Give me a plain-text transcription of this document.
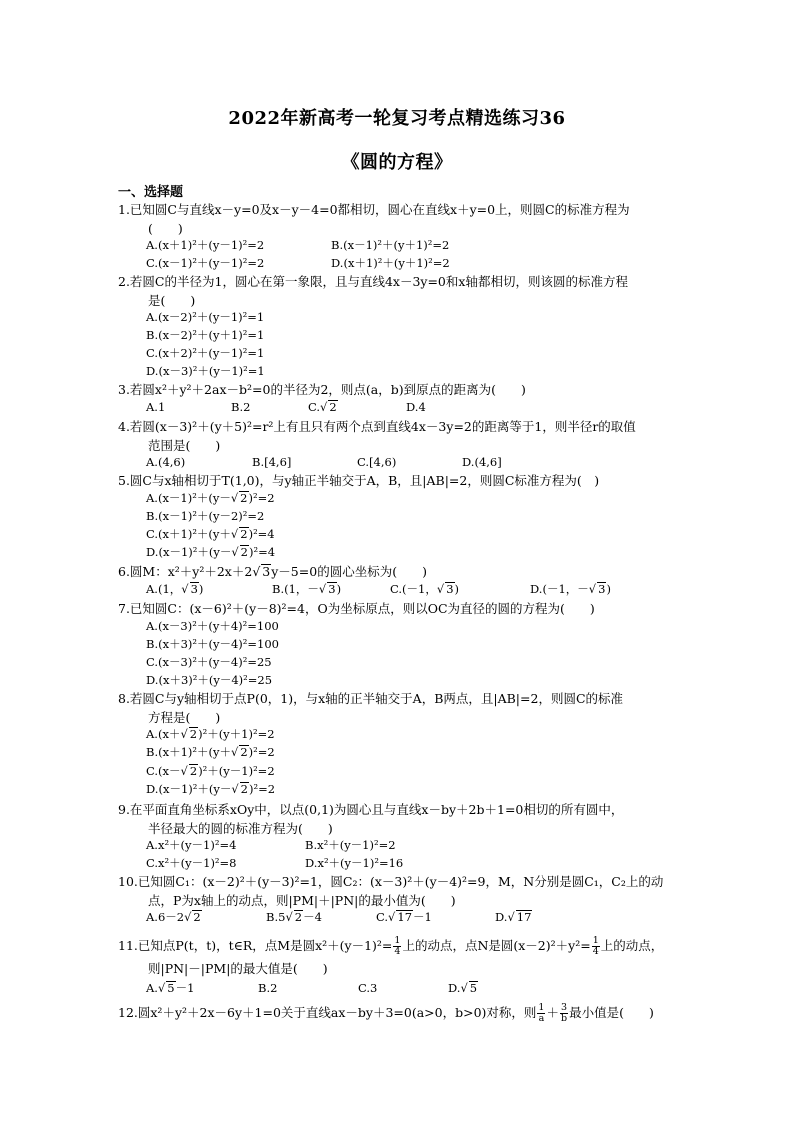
2022年新高考一轮复习考点精选练习36
《圆的方程》
一、选择题
1.已知圆C与直线x－y=0及x－y－4=0都相切，圆心在直线x＋y=0上，则圆C的标准方程为
(　　)
A.(x＋1)²＋(y－1)²=2	B.(x－1)²＋(y＋1)²=2
C.(x－1)²＋(y－1)²=2	D.(x＋1)²＋(y＋1)²=2
2.若圆C的半径为1，圆心在第一象限，且与直线4x－3y=0和x轴都相切，则该圆的标准方程
是(　　)
A.(x－2)²＋(y－1)²=1
B.(x－2)²＋(y＋1)²=1
C.(x＋2)²＋(y－1)²=1
D.(x－3)²＋(y－1)²=1
3.若圆x²＋y²＋2ax－b²=0的半径为2，则点(a，b)到原点的距离为(　　)
A.1	B.2	C.√ 2	D.4
4.若圆(x－3)²＋(y＋5)²=r²上有且只有两个点到直线4x－3y=2的距离等于1，则半径r的取值
范围是(　　)
A.(4,6)	B.[4,6]	C.[4,6)	D.(4,6]
5.圆C与x轴相切于T(1,0)，与y轴正半轴交于A，B，且|AB|=2，则圆C标准方程为(　)
A.(x－1)²＋(y－√ 2)²=2
B.(x－1)²＋(y－2)²=2
C.(x＋1)²＋(y＋√ 2)²=4
D.(x－1)²＋(y－√ 2)²=4
6.圆M：x²＋y²＋2x＋2√ 3y－5=0的圆心坐标为(　　)
A.(1，√ 3)	B.(1，－√ 3)	C.(－1，√ 3)	D.(－1，－√ 3)
7.已知圆C：(x－6)²＋(y－8)²=4，O为坐标原点，则以OC为直径的圆的方程为(　　)
A.(x－3)²＋(y＋4)²=100
B.(x＋3)²＋(y－4)²=100
C.(x－3)²＋(y－4)²=25
D.(x＋3)²＋(y－4)²=25
8.若圆C与y轴相切于点P(0，1)，与x轴的正半轴交于A，B两点，且|AB|=2，则圆C的标准
方程是(　　)
A.(x＋√ 2)²＋(y＋1)²=2
B.(x＋1)²＋(y＋√ 2)²=2
C.(x－√ 2)²＋(y－1)²=2
D.(x－1)²＋(y－√ 2)²=2
9.在平面直角坐标系xOy中，以点(0,1)为圆心且与直线x－by＋2b＋1=0相切的所有圆中，
半径最大的圆的标准方程为(　　)
A.x²＋(y－1)²=4	B.x²＋(y－1)²=2
C.x²＋(y－1)²=8	D.x²＋(y－1)²=16
10.已知圆C₁：(x－2)²＋(y－3)²=1，圆C₂：(x－3)²＋(y－4)²=9，M，N分别是圆C₁，C₂上的动
点，P为x轴上的动点，则|PM|＋|PN|的最小值为(　　)
A.6－2√ 2	B.5√ 2－4	C.√ 17－1	D.√ 17
11.已知点P(t，t)，t∈R，点M是圆$x^2+(y-1)^2= \frac{1}{4}$ 上的动点，点N是圆$(x-2)^2+y^2= \frac{1}{4}$ 上的动点，
则|PN|－|PM|的最大值是(　　)
A.√ 5－1	B.2	C.3	D.√ 5
12.圆x²＋y²＋2x－6y＋1=0关于直线ax－by＋3=0(a>0，b>0)对称，则 $\frac{1}{a} + \frac{3}{b}$ 最小值是(　　)
